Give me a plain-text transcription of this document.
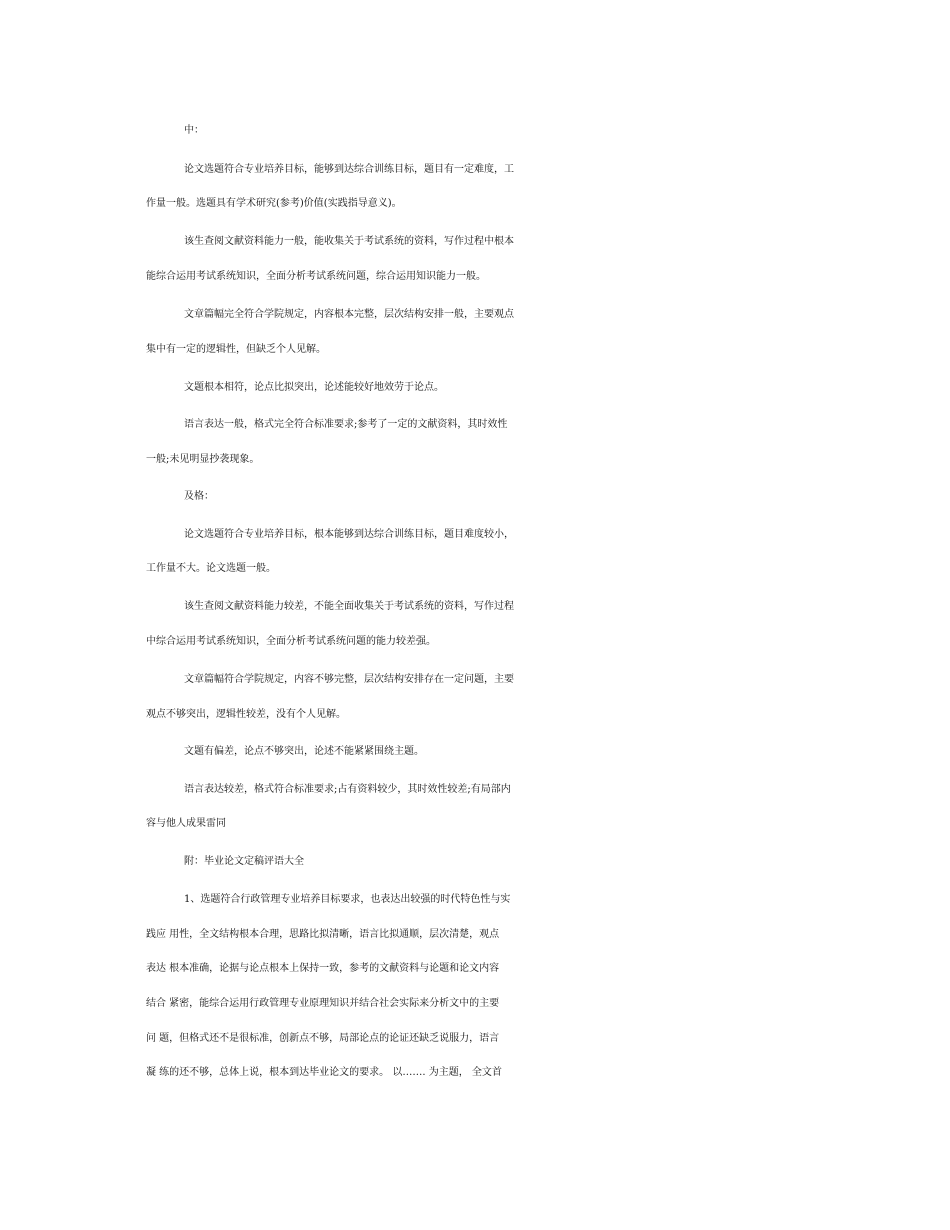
中：

论文选题符合专业培养目标，能够到达综合训练目标，题目有一定难度，工

作量一般。选题具有学术研究(参考)价值(实践指导意义)。

该生查阅文献资料能力一般，能收集关于考试系统的资料，写作过程中根本

能综合运用考试系统知识，全面分析考试系统问题，综合运用知识能力一般。

文章篇幅完全符合学院规定，内容根本完整，层次结构安排一般，主要观点

集中有一定的逻辑性，但缺乏个人见解。

文题根本相符，论点比拟突出，论述能较好地效劳于论点。

语言表达一般，格式完全符合标准要求;参考了一定的文献资料，其时效性

一般;未见明显抄袭现象。

及格：

论文选题符合专业培养目标，根本能够到达综合训练目标，题目难度较小，

工作量不大。论文选题一般。

该生查阅文献资料能力较差，不能全面收集关于考试系统的资料，写作过程

中综合运用考试系统知识，全面分析考试系统问题的能力较差强。

文章篇幅符合学院规定，内容不够完整，层次结构安排存在一定问题，主要

观点不够突出，逻辑性较差，没有个人见解。

文题有偏差，论点不够突出，论述不能紧紧围绕主题。

语言表达较差，格式符合标准要求;占有资料较少，其时效性较差;有局部内

容与他人成果雷同

附：毕业论文定稿评语大全

1、选题符合行政管理专业培养目标要求，也表达出较强的时代特色性与实

践应 用性，全文结构根本合理，思路比拟清晰，语言比拟通顺，层次清楚，观点

表达 根本准确，论据与论点根本上保持一致，参考的文献资料与论题和论文内容

结合 紧密，能综合运用行政管理专业原理知识并结合社会实际来分析文中的主要

问 题，但格式还不是很标准，创新点不够，局部论点的论证还缺乏说服力，语言

凝 练的还不够，总体上说，根本到达毕业论文的要求。 以……. 为主题， 全文首
